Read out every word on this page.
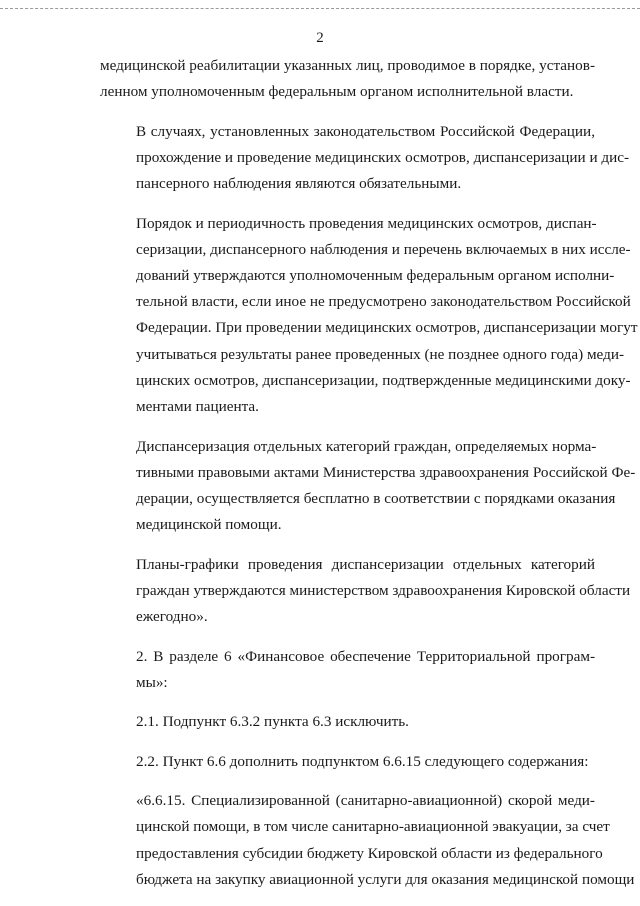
2

медицинской реабилитации указанных лиц, проводимое в порядке, установ-
ленном уполномоченным федеральным органом исполнительной власти.

В случаях, установленных законодательством Российской Федерации,
прохождение и проведение медицинских осмотров, диспансеризации и дис-
пансерного наблюдения являются обязательными.

Порядок и периодичность проведения медицинских осмотров, диспан-
серизации, диспансерного наблюдения и перечень включаемых в них иссле-
дований утверждаются уполномоченным федеральным органом исполни-
тельной власти, если иное не предусмотрено законодательством Российской
Федерации. При проведении медицинских осмотров, диспансеризации могут
учитываться результаты ранее проведенных (не позднее одного года) меди-
цинских осмотров, диспансеризации, подтвержденные медицинскими доку-
ментами пациента.

Диспансеризация отдельных категорий граждан, определяемых норма-
тивными правовыми актами Министерства здравоохранения Российской Фе-
дерации, осуществляется бесплатно в соответствии с порядками оказания
медицинской помощи.

Планы-графики проведения диспансеризации отдельных категорий
граждан утверждаются министерством здравоохранения Кировской области
ежегодно».

2. В разделе 6 «Финансовое обеспечение Территориальной програм-
мы»:

2.1. Подпункт 6.3.2 пункта 6.3 исключить.

2.2. Пункт 6.6 дополнить подпунктом 6.6.15 следующего содержания:

«6.6.15. Специализированной (санитарно-авиационной) скорой меди-
цинской помощи, в том числе санитарно-авиационной эвакуации, за счет
предоставления субсидии бюджету Кировской области из федерального
бюджета на закупку авиационной услуги для оказания медицинской помощи
